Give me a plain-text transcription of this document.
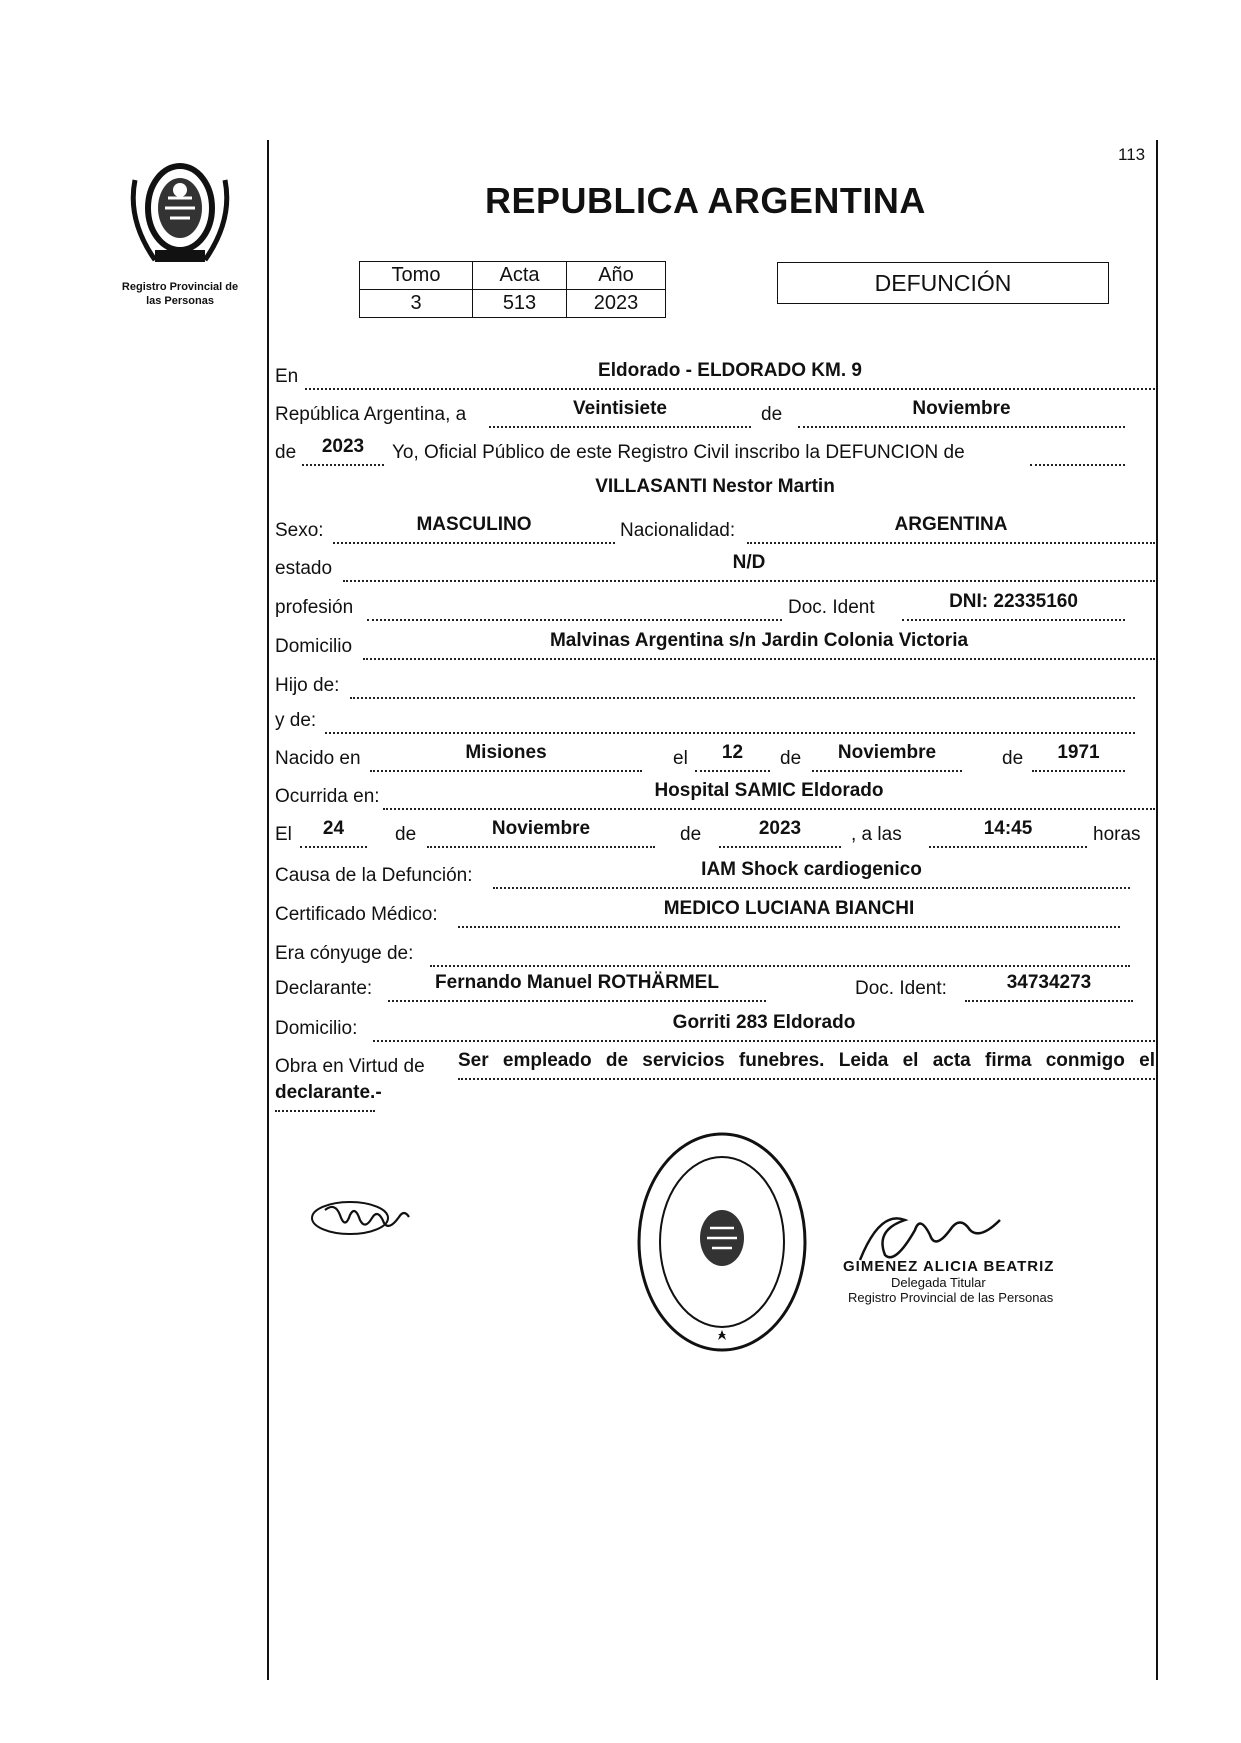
113
Registro Provincial de
las Personas
REPUBLICA ARGENTINA
Tomo	Acta	Año
3	513	2023
DEFUNCIÓN
En	Eldorado - ELDORADO KM. 9
República Argentina, a	Veintisiete	de	Noviembre
de	2023	Yo, Oficial Público de este Registro Civil inscribo la DEFUNCION de
VILLASANTI Nestor Martin
Sexo:	MASCULINO	Nacionalidad:	ARGENTINA
estado	N/D
profesión	Doc. Ident	DNI: 22335160
Domicilio	Malvinas Argentina s/n Jardin Colonia Victoria
Hijo de:
y de:
Nacido en	Misiones	el	12	de	Noviembre	de	1971
Ocurrida en:	Hospital SAMIC Eldorado
El	24	de	Noviembre	de	2023	, a las	14:45	horas
Causa de la Defunción:	IAM Shock cardiogenico
Certificado Médico:	MEDICO LUCIANA BIANCHI
Era cónyuge de:
Declarante:	Fernando Manuel ROTHÄRMEL	Doc. Ident:	34734273
Domicilio:	Gorriti 283 Eldorado
Obra en Virtud de Ser empleado de servicios funebres. Leida el acta firma conmigo el
declarante.-
GIMENEZ ALICIA BEATRIZ
Delegada Titular
Registro Provincial de las Personas
